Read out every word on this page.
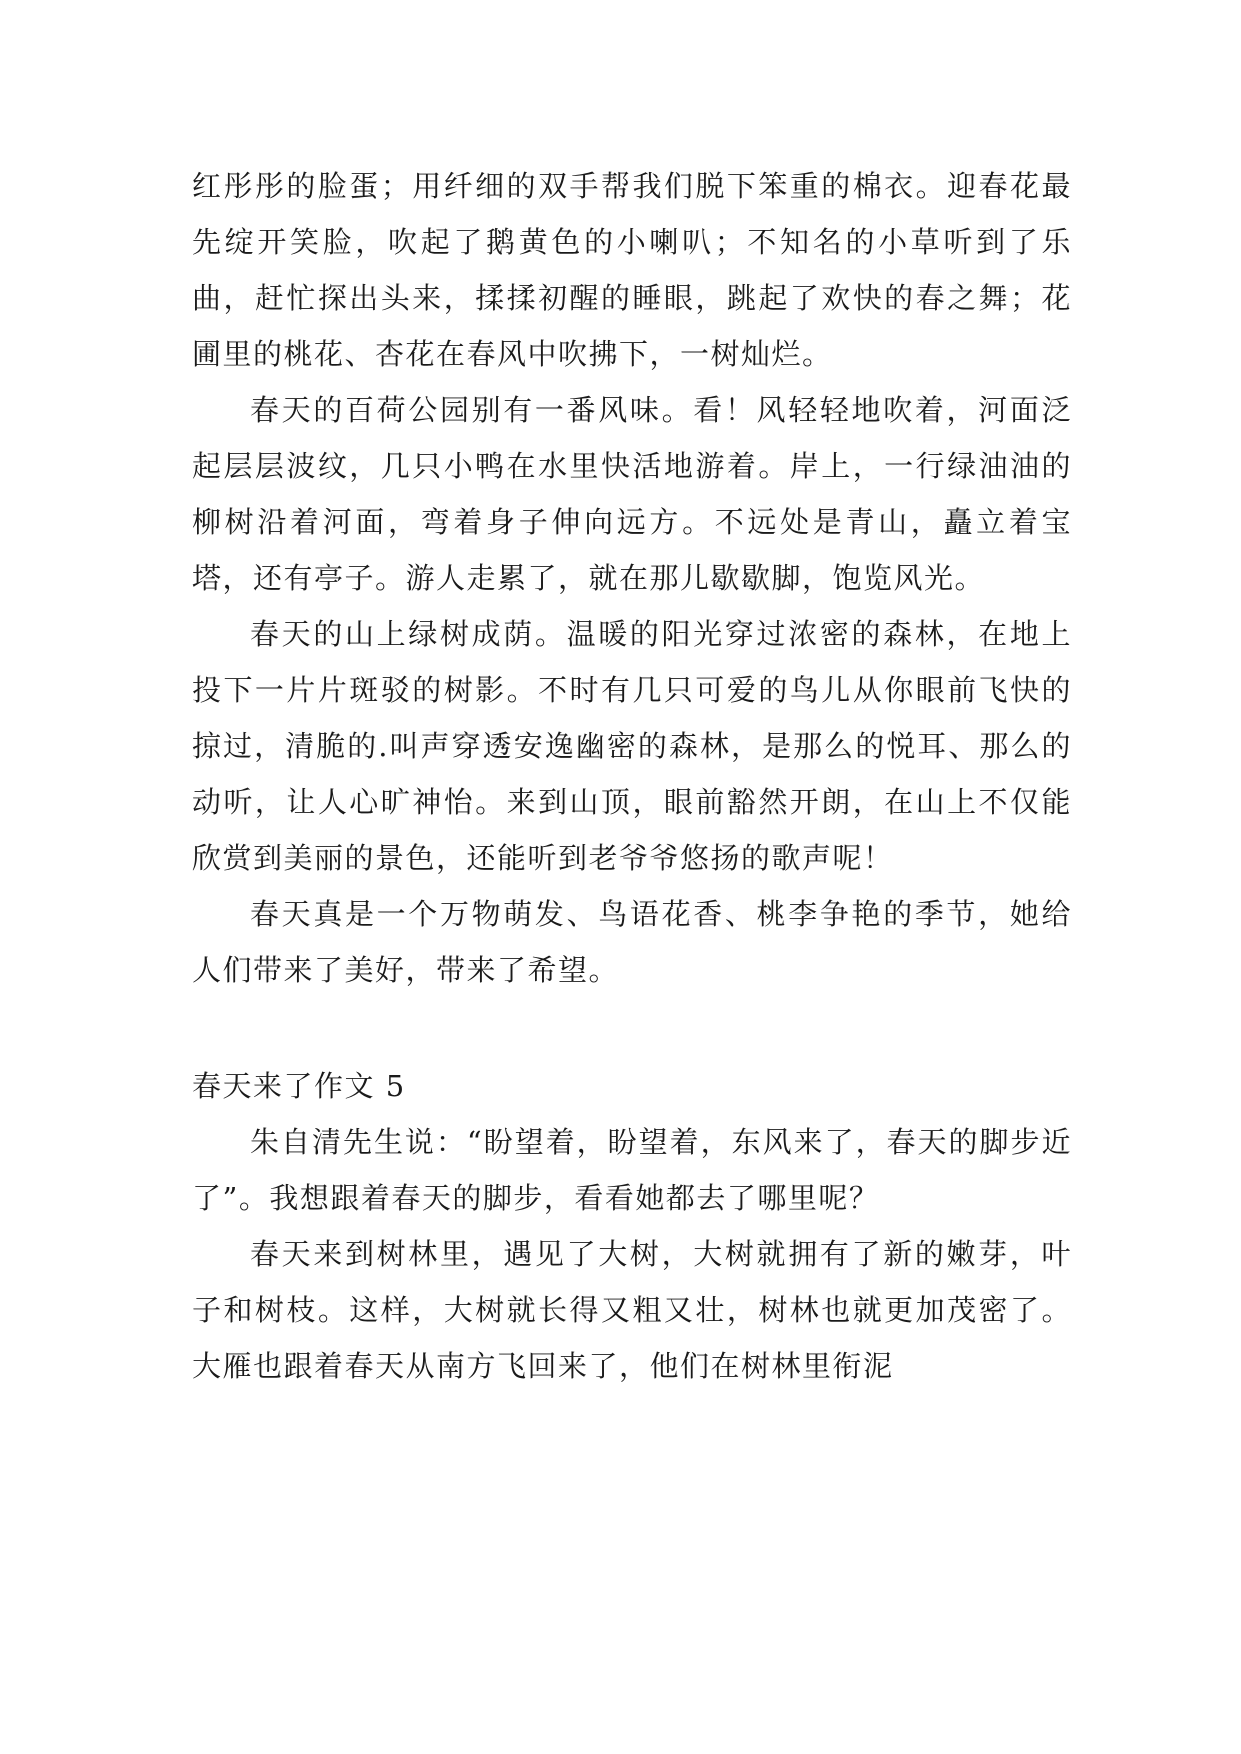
红彤彤的脸蛋；用纤细的双手帮我们脱下笨重的棉衣。迎春花最先绽开笑脸，吹起了鹅黄色的小喇叭；不知名的小草听到了乐曲，赶忙探出头来，揉揉初醒的睡眼，跳起了欢快的春之舞；花圃里的桃花、杏花在春风中吹拂下，一树灿烂。

春天的百荷公园别有一番风味。看！风轻轻地吹着，河面泛起层层波纹，几只小鸭在水里快活地游着。岸上，一行绿油油的柳树沿着河面，弯着身子伸向远方。不远处是青山，矗立着宝塔，还有亭子。游人走累了，就在那儿歇歇脚，饱览风光。

春天的山上绿树成荫。温暖的阳光穿过浓密的森林，在地上投下一片片斑驳的树影。不时有几只可爱的鸟儿从你眼前飞快的掠过，清脆的.叫声穿透安逸幽密的森林，是那么的悦耳、那么的动听，让人心旷神怡。来到山顶，眼前豁然开朗，在山上不仅能欣赏到美丽的景色，还能听到老爷爷悠扬的歌声呢！

春天真是一个万物萌发、鸟语花香、桃李争艳的季节，她给人们带来了美好，带来了希望。

春天来了作文 5

朱自清先生说：“盼望着，盼望着，东风来了，春天的脚步近了”。我想跟着春天的脚步，看看她都去了哪里呢？

春天来到树林里，遇见了大树，大树就拥有了新的嫩芽，叶子和树枝。这样，大树就长得又粗又壮，树林也就更加茂密了。大雁也跟着春天从南方飞回来了，他们在树林里衔泥
